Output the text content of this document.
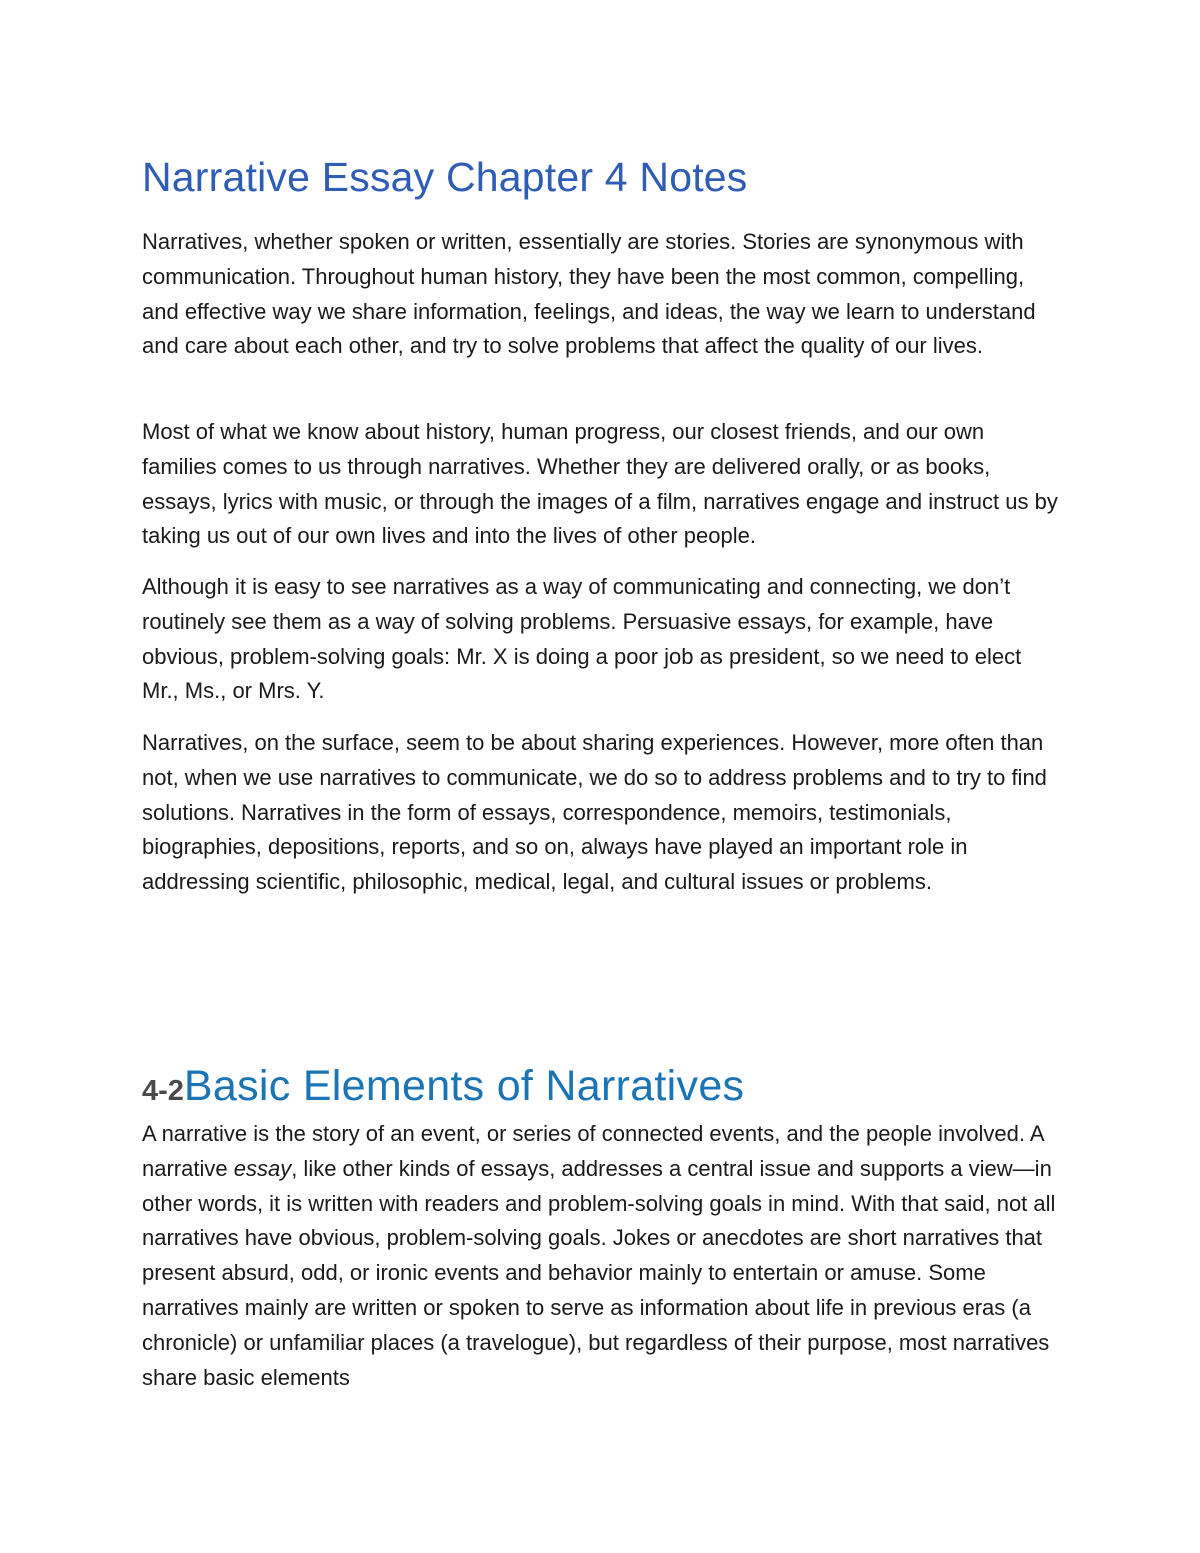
Narrative Essay Chapter 4 Notes

Narratives, whether spoken or written, essentially are stories. Stories are synonymous with communication. Throughout human history, they have been the most common, compelling, and effective way we share information, feelings, and ideas, the way we learn to understand and care about each other, and try to solve problems that affect the quality of our lives.

Most of what we know about history, human progress, our closest friends, and our own families comes to us through narratives. Whether they are delivered orally, or as books, essays, lyrics with music, or through the images of a film, narratives engage and instruct us by taking us out of our own lives and into the lives of other people.

Although it is easy to see narratives as a way of communicating and connecting, we don’t routinely see them as a way of solving problems. Persuasive essays, for example, have obvious, problem-solving goals: Mr. X is doing a poor job as president, so we need to elect Mr., Ms., or Mrs. Y.

Narratives, on the surface, seem to be about sharing experiences. However, more often than not, when we use narratives to communicate, we do so to address problems and to try to find solutions. Narratives in the form of essays, correspondence, memoirs, testimonials, biographies, depositions, reports, and so on, always have played an important role in addressing scientific, philosophic, medical, legal, and cultural issues or problems.

4-2Basic Elements of Narratives

A narrative is the story of an event, or series of connected events, and the people involved. A narrative essay, like other kinds of essays, addresses a central issue and supports a view—in other words, it is written with readers and problem-solving goals in mind. With that said, not all narratives have obvious, problem-solving goals. Jokes or anecdotes are short narratives that present absurd, odd, or ironic events and behavior mainly to entertain or amuse. Some narratives mainly are written or spoken to serve as information about life in previous eras (a chronicle) or unfamiliar places (a travelogue), but regardless of their purpose, most narratives share basic elements
